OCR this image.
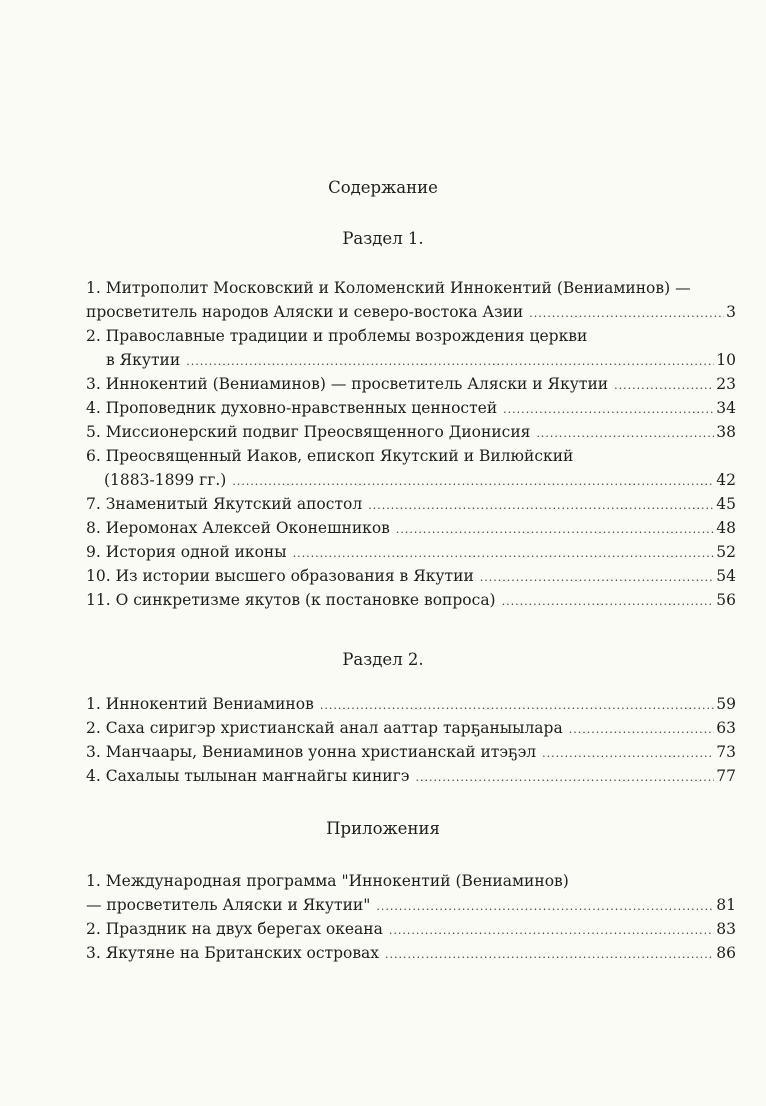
Содержание
Раздел 1.
1. Митрополит Московский и Коломенский Иннокентий (Вениаминов) —
просветитель народов Аляски и северо-востока Азии .....	3
2. Православные традиции и проблемы возрождения церкви
в Якутии .....	10
3. Иннокентий (Вениаминов) — просветитель Аляски и Якутии .....	23
4. Проповедник духовно-нравственных ценностей .....	34
5. Миссионерский подвиг Преосвященного Дионисия .....	38
6. Преосвященный Иаков, епископ Якутский и Вилюйский
(1883-1899 гг.) .....	42
7. Знаменитый Якутский апостол .....	45
8. Иеромонах Алексей Оконешников .....	48
9. История одной иконы .....	52
10. Из истории высшего образования в Якутии .....	54
11. О синкретизме якутов (к постановке вопроса) .....	56
Раздел 2.
1. Иннокентий Вениаминов .....	59
2. Саха сиригэр христианскай анал ааттар тарҕаныылара .....	63
3. Манчаары, Вениаминов уонна христианскай итэҕэл .....	73
4. Сахалыы тылынан маҥнайгы кинигэ .....	77
Приложения
1. Международная программа "Иннокентий (Вениаминов)
— просветитель Аляски и Якутии" .....	81
2. Праздник на двух берегах океана .....	83
3. Якутяне на Британских островах .....	86
